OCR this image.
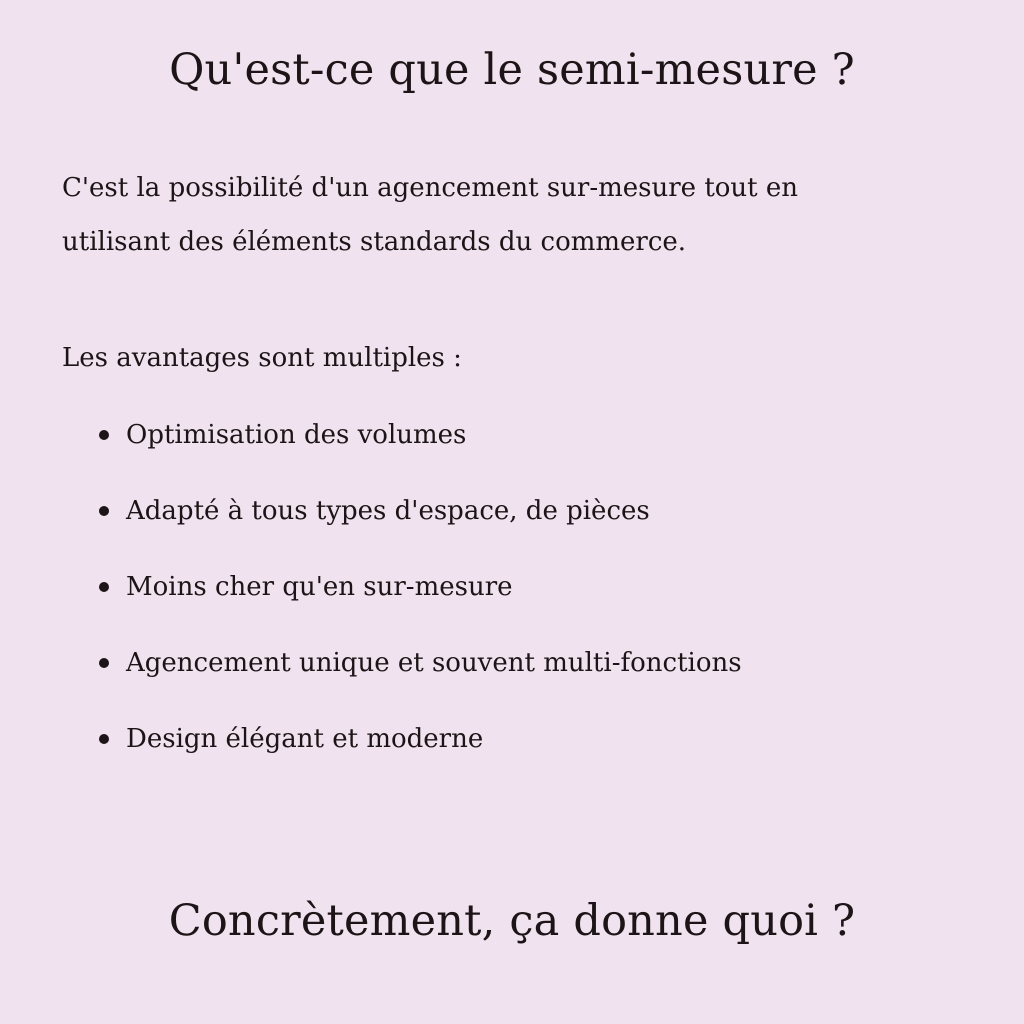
Qu'est-ce que le semi-mesure ?

C'est la possibilité d'un agencement sur-mesure tout en
utilisant des éléments standards du commerce.

Les avantages sont multiples :

Optimisation des volumes
Adapté à tous types d'espace, de pièces
Moins cher qu'en sur-mesure
Agencement unique et souvent multi-fonctions
Design élégant et moderne
Concrètement, ça donne quoi ?
